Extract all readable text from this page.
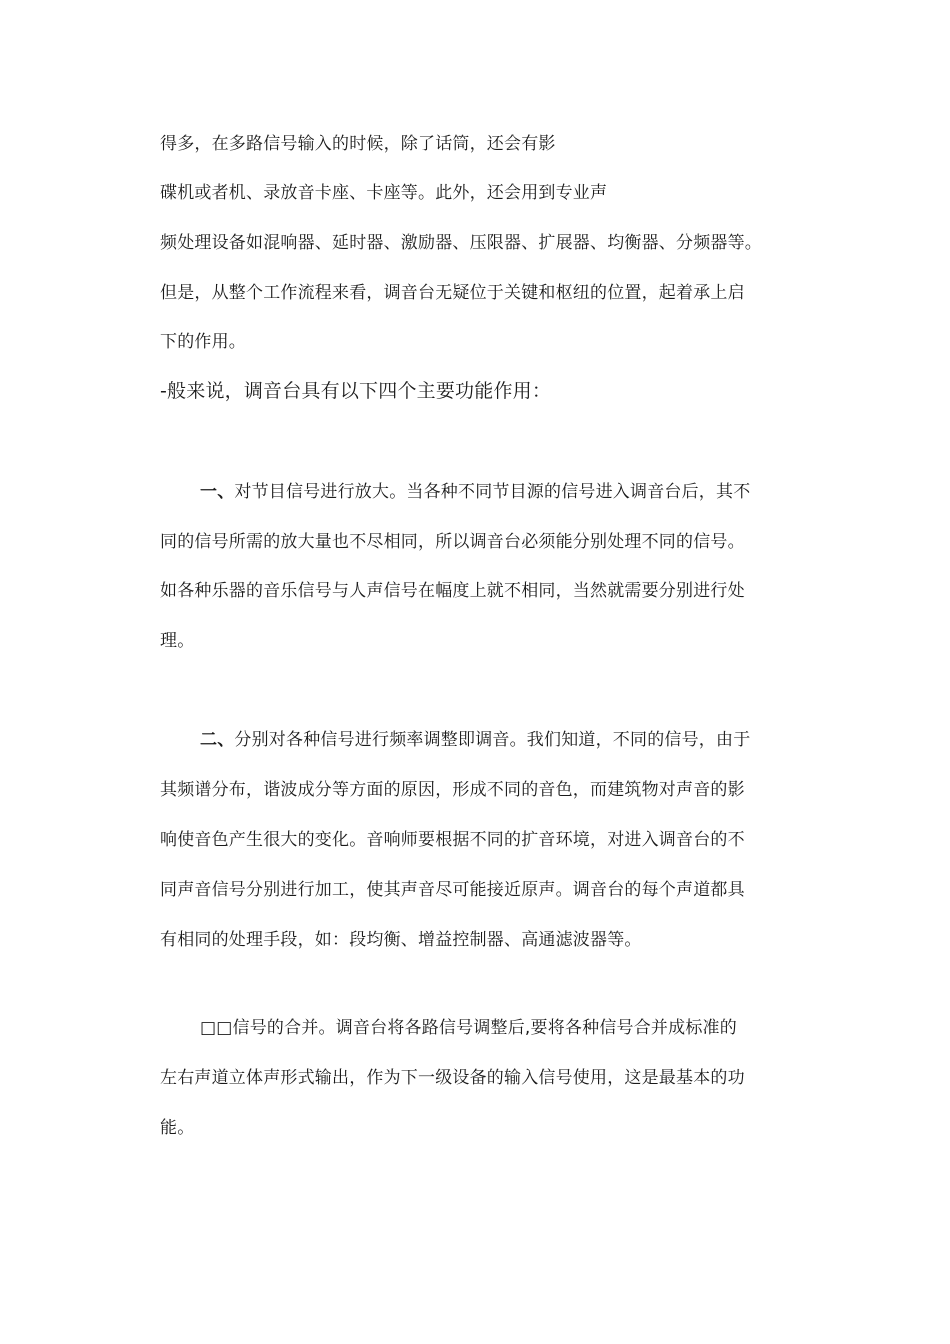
得多，在多路信号输入的时候，除了话筒，还会有影
碟机或者机、录放音卡座、卡座等。此外，还会用到专业声
频处理设备如混响器、延时器、激励器、压限器、扩展器、均衡器、分频器等。
但是，从整个工作流程来看，调音台无疑位于关键和枢纽的位置，起着承上启
下的作用。
-般来说，调音台具有以下四个主要功能作用：
一、对节目信号进行放大。当各种不同节目源的信号进入调音台后，其不
同的信号所需的放大量也不尽相同，所以调音台必须能分别处理不同的信号。
如各种乐器的音乐信号与人声信号在幅度上就不相同，当然就需要分别进行处
理。
二、分别对各种信号进行频率调整即调音。我们知道，不同的信号，由于
其频谱分布，谐波成分等方面的原因，形成不同的音色，而建筑物对声音的影
响使音色产生很大的变化。音响师要根据不同的扩音环境，对进入调音台的不
同声音信号分别进行加工，使其声音尽可能接近原声。调音台的每个声道都具
有相同的处理手段，如：段均衡、增益控制器、高通滤波器等。
□□信号的合并。调音台将各路信号调整后,要将各种信号合并成标准的
左右声道立体声形式输出，作为下一级设备的输入信号使用，这是最基本的功
能。
